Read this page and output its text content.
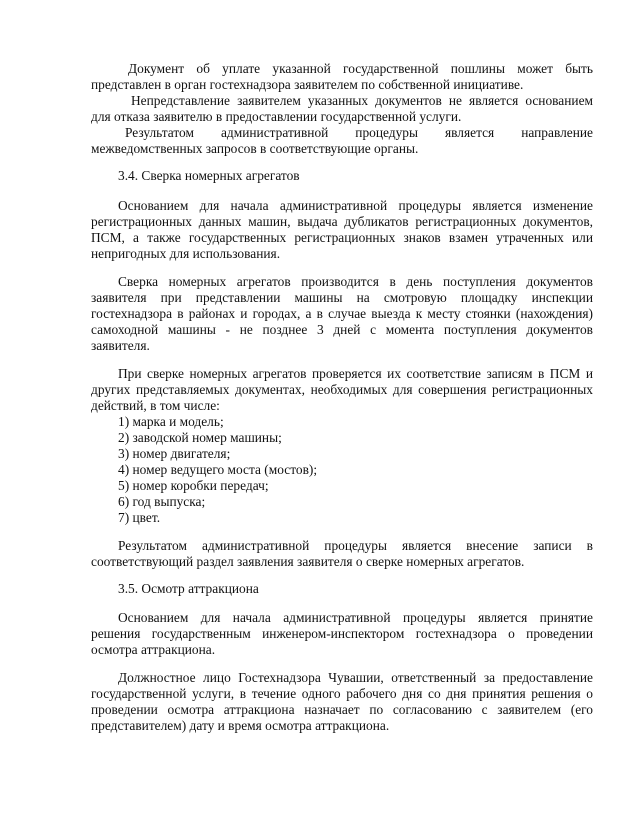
Документ об уплате указанной государственной пошлины может быть
представлен в орган гостехнадзора заявителем по собственной инициативе.
Непредставление заявителем указанных документов не является основанием
для отказа заявителю в предоставлении государственной услуги.
Результатом административной процедуры является направление
межведомственных запросов в соответствующие органы.
3.4. Сверка номерных агрегатов
Основанием для начала административной процедуры является изменение
регистрационных данных машин, выдача дубликатов регистрационных документов,
ПСМ, а также государственных регистрационных знаков взамен утраченных или
непригодных для использования.
Сверка номерных агрегатов производится в день поступления документов
заявителя при представлении машины на смотровую площадку инспекции
гостехнадзора в районах и городах, а в случае выезда к месту стоянки (нахождения)
самоходной машины - не позднее 3 дней с момента поступления документов
заявителя.
При сверке номерных агрегатов проверяется их соответствие записям в ПСМ и
других представляемых документах, необходимых для совершения регистрационных
действий, в том числе:
1) марка и модель;
2) заводской номер машины;
3) номер двигателя;
4) номер ведущего моста (мостов);
5) номер коробки передач;
6) год выпуска;
7) цвет.
Результатом административной процедуры является внесение записи в
соответствующий раздел заявления заявителя о сверке номерных агрегатов.
3.5. Осмотр аттракциона
Основанием для начала административной процедуры является принятие
решения государственным инженером-инспектором гостехнадзора о проведении
осмотра аттракциона.
Должностное лицо Гостехнадзора Чувашии, ответственный за предоставление
государственной услуги, в течение одного рабочего дня со дня принятия решения о
проведении осмотра аттракциона назначает по согласованию с заявителем (его
представителем) дату и время осмотра аттракциона.
